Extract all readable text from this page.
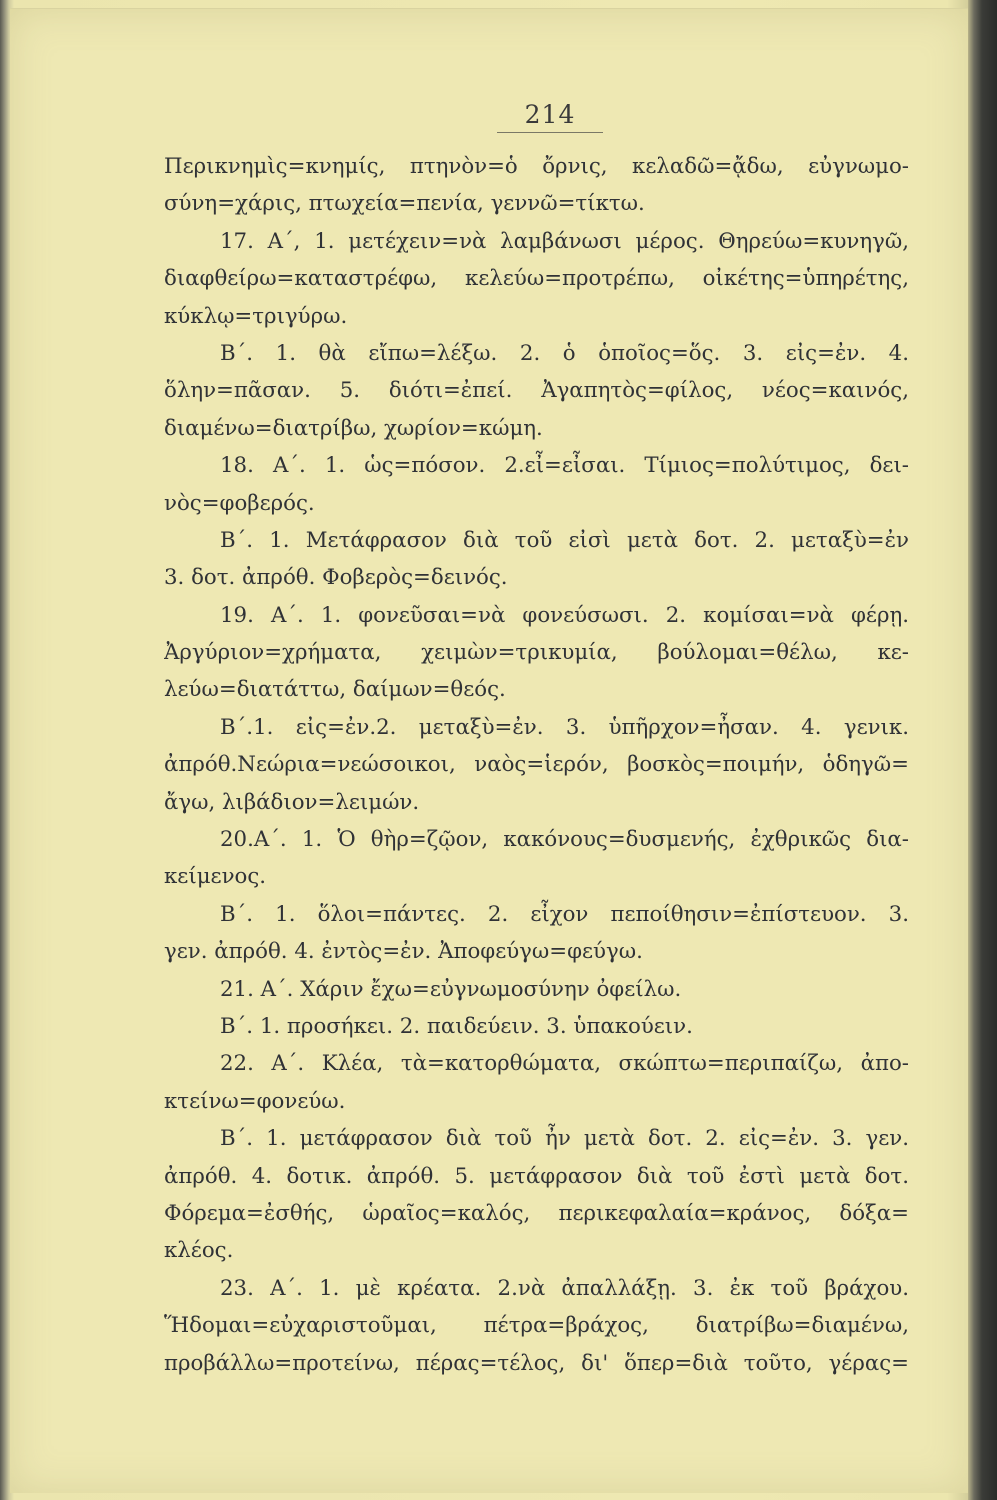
214
Περικνημὶς=κνημίς, πτηνὸν=ὁ ὄρνις, κελαδῶ=ᾄδω, εὐγνωμο-
σύνη=χάρις, πτωχεία=πενία, γεννῶ=τίκτω.
17. Α΄, 1. μετέχειν=νὰ λαμβάνωσι μέρος. Θηρεύω=κυνηγῶ,
διαφθείρω=καταστρέφω, κελεύω=προτρέπω, οἰκέτης=ὑπηρέτης,
κύκλῳ=τριγύρω.
Β΄. 1. θὰ εἴπω=λέξω. 2. ὁ ὁποῖος=ὅς. 3. εἰς=ἐν. 4.
ὅλην=πᾶσαν. 5. διότι=ἐπεί. Ἀγαπητὸς=φίλος, νέος=καινός,
διαμένω=διατρίβω, χωρίον=κώμη.
18. Α΄. 1. ὡς=πόσον. 2.εἶ=εἶσαι. Τίμιος=πολύτιμος, δει-
νὸς=φοβερός.
Β΄. 1. Μετάφρασον διὰ τοῦ εἰσὶ μετὰ δοτ. 2. μεταξὺ=ἐν
3. δοτ. ἀπρόθ. Φοβερὸς=δεινός.
19. Α΄. 1. φονεῦσαι=νὰ φονεύσωσι. 2. κομίσαι=νὰ φέρῃ.
Ἀργύριον=χρήματα, χειμὼν=τρικυμία, βούλομαι=θέλω, κε-
λεύω=διατάττω, δαίμων=θεός.
Β΄.1. εἰς=ἐν.2. μεταξὺ=ἐν. 3. ὑπῆρχον=ἦσαν. 4. γενικ.
ἀπρόθ.Νεώρια=νεώσοικοι, ναὸς=ἱερόν, βοσκὸς=ποιμήν, ὁδηγῶ=
ἄγω, λιβάδιον=λειμών.
20.Α΄. 1. Ὁ θὴρ=ζῷον, κακόνους=δυσμενής, ἐχθρικῶς δια-
κείμενος.
Β΄. 1. ὅλοι=πάντες. 2. εἶχον πεποίθησιν=ἐπίστευον. 3.
γεν. ἀπρόθ. 4. ἐντὸς=ἐν. Ἀποφεύγω=φεύγω.
21. Α΄. Χάριν ἔχω=εὐγνωμοσύνην ὀφείλω.
Β΄. 1. προσήκει. 2. παιδεύειν. 3. ὑπακούειν.
22. Α΄. Κλέα, τὰ=κατορθώματα, σκώπτω=περιπαίζω, ἀπο-
κτείνω=φονεύω.
Β΄. 1. μετάφρασον διὰ τοῦ ἦν μετὰ δοτ. 2. εἰς=ἐν. 3. γεν.
ἀπρόθ. 4. δοτικ. ἀπρόθ. 5. μετάφρασον διὰ τοῦ ἐστὶ μετὰ δοτ.
Φόρεμα=ἐσθής, ὡραῖος=καλός, περικεφαλαία=κράνος, δόξα=
κλέος.
23. Α΄. 1. μὲ κρέατα. 2.νὰ ἀπαλλάξῃ. 3. ἐκ τοῦ βράχου.
Ἥδομαι=εὐχαριστοῦμαι, πέτρα=βράχος, διατρίβω=διαμένω,
προβάλλω=προτείνω, πέρας=τέλος, δι' ὅπερ=διὰ τοῦτο, γέρας=
